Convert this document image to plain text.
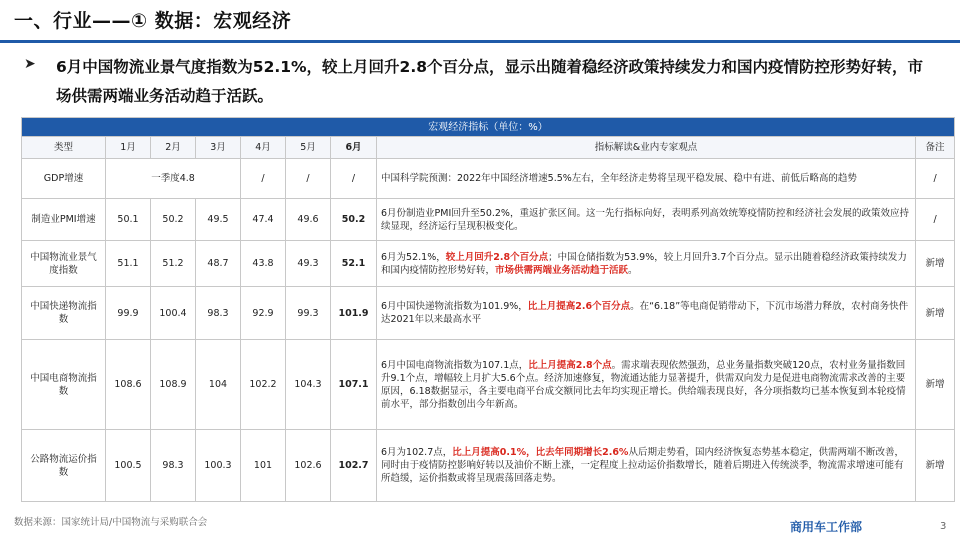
一、行业——① 数据：宏观经济
➤ 6月中国物流业景气度指数为52.1%，较上月回升2.8个百分点，显示出随着稳经济政策持续发力和国内疫情防控形势好转，市场供需两端业务活动趋于活跃。
宏观经济指标（单位：%）								
类型	1月	2月	3月	4月	5月	6月	指标解读&业内专家观点	备注
GDP增速	一季度4.8			/	/	/	中国科学院预测：2022年中国经济增速5.5%左右，全年经济走势将呈现平稳发展、稳中有进、前低后略高的趋势	/
制造业PMI增速	50.1	50.2	49.5	47.4	49.6	50.2	6月份制造业PMI回升至50.2%，重返扩张区间。这一先行指标向好，表明系列高效统筹疫情防控和经济社会发展的政策效应持续显现，经济运行呈现积极变化。	/
中国物流业景气度指数	51.1	51.2	48.7	43.8	49.3	52.1	6月为52.1%，较上月回升2.8个百分点；中国仓储指数为53.9%，较上月回升3.7个百分点。显示出随着稳经济政策持续发力和国内疫情防控形势好转，市场供需两端业务活动趋于活跃。	新增
中国快递物流指数	99.9	100.4	98.3	92.9	99.3	101.9	6月中国快递物流指数为101.9%，比上月提高2.6个百分点。在“6.18”等电商促销带动下，下沉市场潜力释放，农村商务快件达2021年以来最高水平	新增
中国电商物流指数	108.6	108.9	104	102.2	104.3	107.1	6月中国电商物流指数为107.1点，比上月提高2.8个点。需求端表现依然强劲，总业务量指数突破120点，农村业务量指数回升9.1个点，增幅较上月扩大5.6个点。经济加速修复，物流通达能力显著提升，供需双向发力是促进电商物流需求改善的主要原因，6.18数据显示，各主要电商平台成交额同比去年均实现正增长。供给端表现良好，各分项指数均已基本恢复到本轮疫情前水平，部分指数创出今年新高。	新增
公路物流运价指数	100.5	98.3	100.3	101	102.6	102.7	6月为102.7点，比上月提高0.1%，比去年同期增长2.6%从后期走势看，国内经济恢复态势基本稳定，供需两端不断改善，同时由于疫情防控影响好转以及油价不断上涨，一定程度上拉动运价指数增长，随着后期进入传统淡季，物流需求增速可能有所趋缓，运价指数或将呈现震荡回落走势。	新增
数据来源：国家统计局/中国物流与采购联合会	商用车工作部	3
